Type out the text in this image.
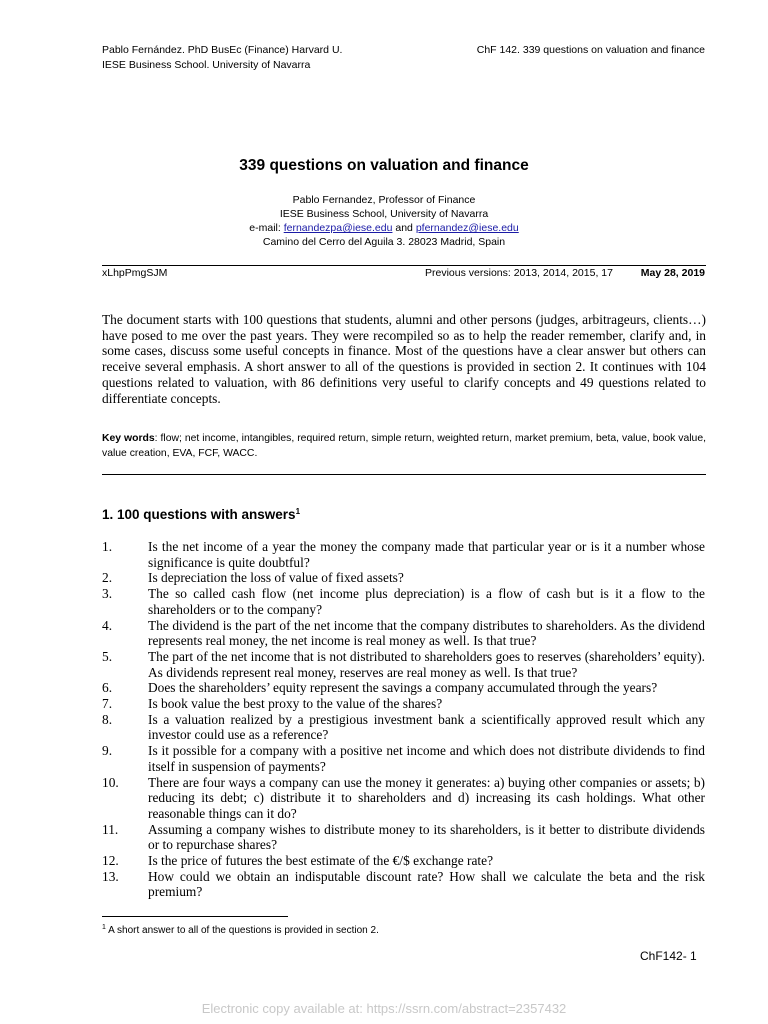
Pablo Fernández. PhD BusEc (Finance) Harvard U.
IESE Business School. University of Navarra
ChF 142. 339 questions on valuation and finance
339 questions on valuation and finance
Pablo Fernandez, Professor of Finance
IESE Business School, University of Navarra
e-mail: fernandezpa@iese.edu and pfernandez@iese.edu
Camino del Cerro del Aguila 3. 28023 Madrid, Spain
xLhpPmgSJM	Previous versions: 2013, 2014, 2015, 17	May 28, 2019
The document starts with 100 questions that students, alumni and other persons (judges, arbitrageurs, clients…) have posed to me over the past years. They were recompiled so as to help the reader remember, clarify and, in some cases, discuss some useful concepts in finance. Most of the questions have a clear answer but others can receive several emphasis. A short answer to all of the questions is provided in section 2. It continues with 104 questions related to valuation, with 86 definitions very useful to clarify concepts and 49 questions related to differentiate concepts.
Key words: flow; net income, intangibles, required return, simple return, weighted return, market premium, beta, value, book value, value creation, EVA, FCF, WACC.
1. 100 questions with answers$^1$
1.	Is the net income of a year the money the company made that particular year or is it a number whose significance is quite doubtful?
2.	Is depreciation the loss of value of fixed assets?
3.	The so called cash flow (net income plus depreciation) is a flow of cash but is it a flow to the shareholders or to the company?
4.	The dividend is the part of the net income that the company distributes to shareholders. As the dividend represents real money, the net income is real money as well. Is that true?
5.	The part of the net income that is not distributed to shareholders goes to reserves (shareholders’ equity). As dividends represent real money, reserves are real money as well. Is that true?
6.	Does the shareholders’ equity represent the savings a company accumulated through the years?
7.	Is book value the best proxy to the value of the shares?
8.	Is a valuation realized by a prestigious investment bank a scientifically approved result which any investor could use as a reference?
9.	Is it possible for a company with a positive net income and which does not distribute dividends to find itself in suspension of payments?
10. There are four ways a company can use the money it generates: a) buying other companies or assets; b) reducing its debt; c) distribute it to shareholders and d) increasing its cash holdings. What other reasonable things can it do?
11. Assuming a company wishes to distribute money to its shareholders, is it better to distribute dividends or to repurchase shares?
12. Is the price of futures the best estimate of the €/$ exchange rate?
13. How could we obtain an indisputable discount rate? How shall we calculate the beta and the risk premium?
$^1$ A short answer to all of the questions is provided in section 2.
ChF142- 1
Electronic copy available at: https://ssrn.com/abstract=2357432
